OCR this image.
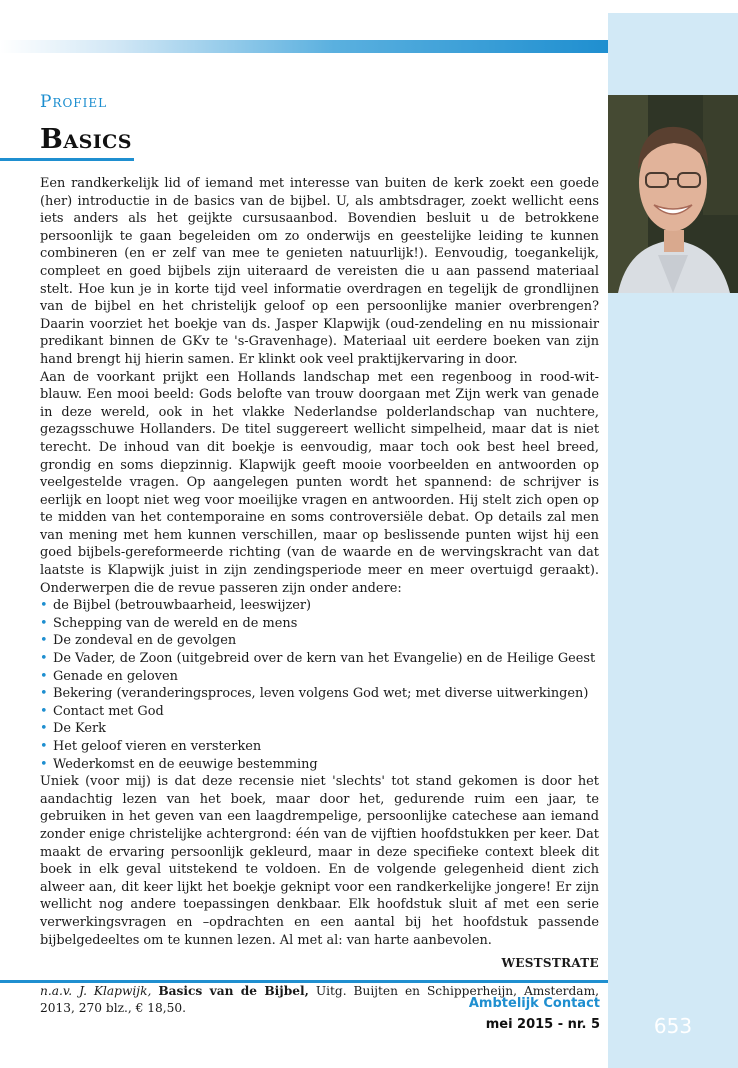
Profiel
Basics

Een randkerkelijk lid of iemand met interesse van buiten de kerk zoekt een goede (her) introductie in de basics van de bijbel. U, als ambtsdrager, zoekt wellicht eens iets anders als het geijkte cursusaanbod. Bovendien besluit u de betrokkene persoonlijk te gaan begeleiden om zo onderwijs en geestelijke leiding te kunnen combineren (en er zelf van mee te genieten natuurlijk!). Eenvoudig, toegankelijk, compleet en goed bijbels zijn uiteraard de vereisten die u aan passend materiaal stelt. Hoe kun je in korte tijd veel informatie overdragen en tegelijk de grondlijnen van de bijbel en het christelijk geloof op een persoonlijke manier overbrengen? Daarin voorziet het boekje van ds. Jasper Klapwijk (oud-zendeling en nu missionair predikant binnen de GKv te 's-Gravenhage). Materiaal uit eerdere boeken van zijn hand brengt hij hierin samen. Er klinkt ook veel praktijkervaring in door.

Aan de voorkant prijkt een Hollands landschap met een regenboog in rood-wit-blauw. Een mooi beeld: Gods belofte van trouw doorgaan met Zijn werk van genade in deze wereld, ook in het vlakke Nederlandse polderlandschap van nuchtere, gezagsschuwe Hollanders. De titel suggereert wellicht simpelheid, maar dat is niet terecht. De inhoud van dit boekje is eenvoudig, maar toch ook best heel breed, grondig en soms diepzinnig. Klapwijk geeft mooie voorbeelden en antwoorden op veelgestelde vragen. Op aangelegen punten wordt het spannend: de schrijver is eerlijk en loopt niet weg voor moeilijke vragen en antwoorden. Hij stelt zich open op te midden van het contemporaine en soms controversiële debat. Op details zal men van mening met hem kunnen verschillen, maar op beslissende punten wijst hij een goed bijbels-gereformeerde richting (van de waarde en de wervingskracht van dat laatste is Klapwijk juist in zijn zendingsperiode meer en meer overtuigd geraakt). Onderwerpen die de revue passeren zijn onder andere:

• de Bijbel (betrouwbaarheid, leeswijzer)
• Schepping van de wereld en de mens
• De zondeval en de gevolgen
• De Vader, de Zoon (uitgebreid over de kern van het Evangelie) en de Heilige Geest
• Genade en geloven
• Bekering (veranderingsproces, leven volgens God wet; met diverse uitwerkingen)
• Contact met God
• De Kerk
• Het geloof vieren en versterken
• Wederkomst en de eeuwige bestemming

Uniek (voor mij) is dat deze recensie niet 'slechts' tot stand gekomen is door het aandachtig lezen van het boek, maar door het, gedurende ruim een jaar, te gebruiken in het geven van een laagdrempelige, persoonlijke catechese aan iemand zonder enige christelijke achtergrond: één van de vijftien hoofdstukken per keer. Dat maakt de ervaring persoonlijk gekleurd, maar in deze specifieke context bleek dit boek in elk geval uitstekend te voldoen. En de volgende gelegenheid dient zich alweer aan, dit keer lijkt het boekje geknipt voor een randkerkelijke jongere! Er zijn wellicht nog andere toepassingen denkbaar. Elk hoofdstuk sluit af met een serie verwerkingsvragen en –opdrachten en een aantal bij het hoofdstuk passende bijbelgedeeltes om te kunnen lezen. Al met al: van harte aanbevolen.

WESTSTRATE
n.a.v. J. Klapwijk, Basics van de Bijbel, Uitg. Buijten en Schipperheijn, Amsterdam, 2013, 270 blz., € 18,50.	Ambtelijk Contact
mei 2015 - nr. 5	653
